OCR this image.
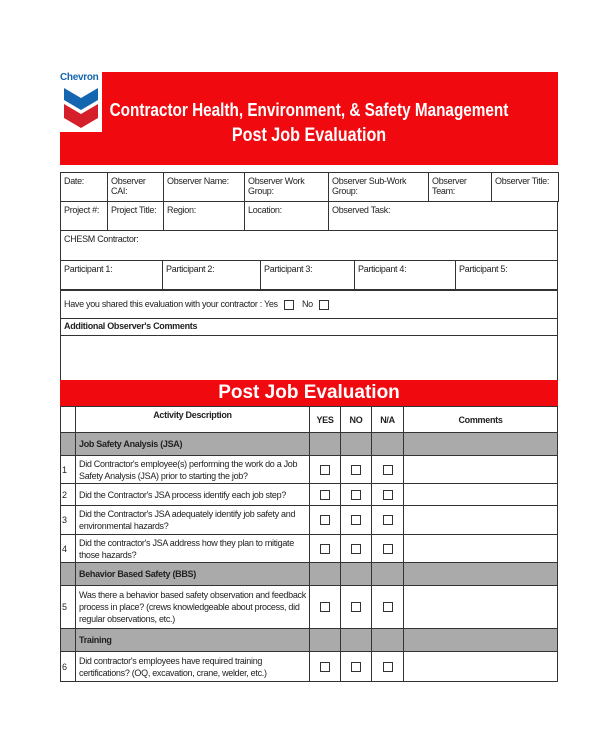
Chevron
Contractor Health, Environment, & Safety Management
Post Job Evaluation
Date:	Observer CAI:	Observer Name:	Observer Work Group:	Observer Sub-Work Group:	Observer Team:	Observer Title:
Project #:	Project Title:	Region:	Location:	Observed Task:
CHESM Contractor:
Participant 1:	Participant 2:	Participant 3:	Participant 4:	Participant 5:
Have you shared this evaluation with your contractor : Yes	No
Additional Observer's Comments

Post Job Evaluation
	Activity Description	YES	NO	N/A	Comments
	Job Safety Analysis (JSA)				
1	Did Contractor's employee(s) performing the work do a Job Safety Analysis (JSA) prior to starting the job?				
2	Did the Contractor's JSA process identify each job step?				
3	Did the Contractor's JSA adequately identify job safety and environmental hazards?				
4	Did the contractor's JSA address how they plan to mitigate those hazards?				
	Behavior Based Safety (BBS)				
5	Was there a behavior based safety observation and feedback process in place? (crews knowledgeable about process, did regular observations, etc.)				
	Training				
6	Did contractor's employees have required training certifications? (OQ, excavation, crane, welder, etc.)				
